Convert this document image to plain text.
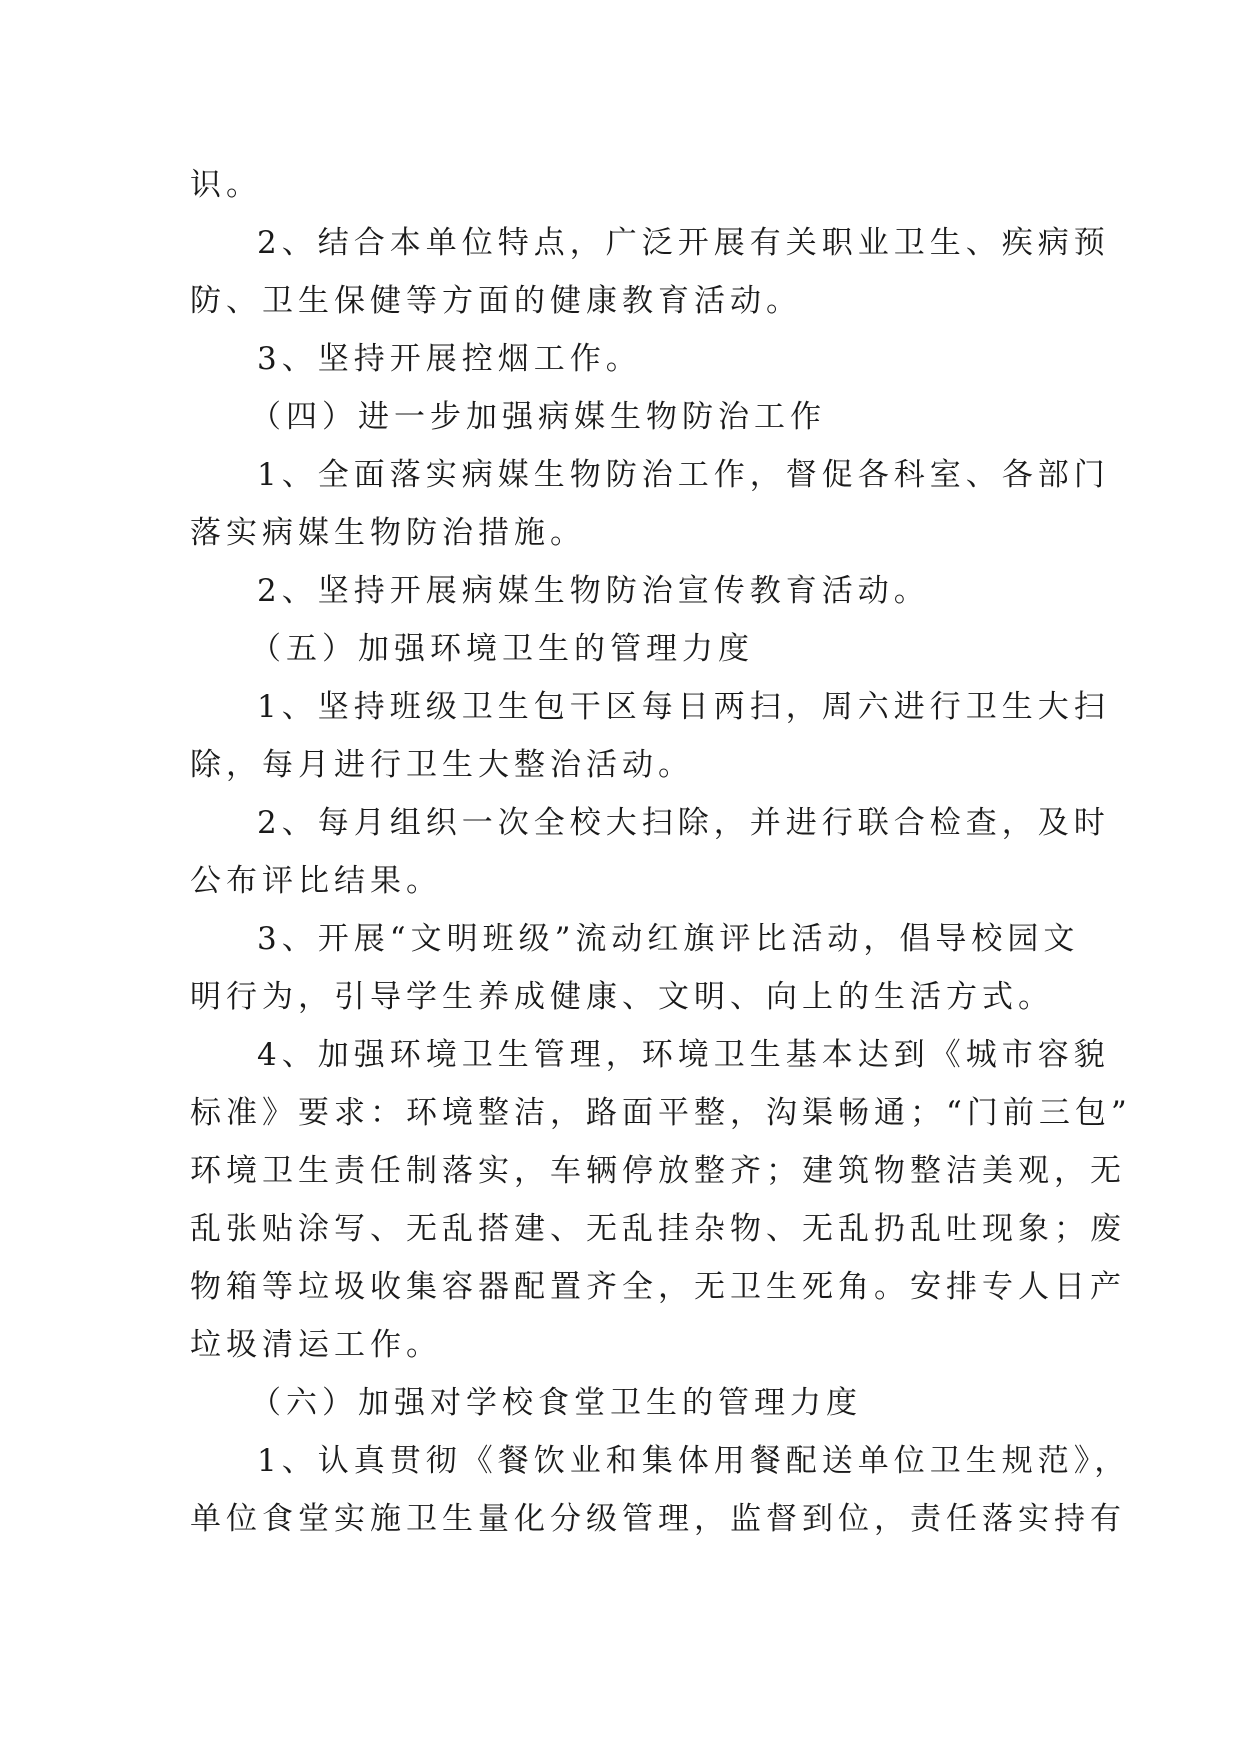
识。
2、结合本单位特点，广泛开展有关职业卫生、疾病预
防、卫生保健等方面的健康教育活动。
3、坚持开展控烟工作。
（四）进一步加强病媒生物防治工作
1、全面落实病媒生物防治工作，督促各科室、各部门
落实病媒生物防治措施。
2、坚持开展病媒生物防治宣传教育活动。
（五）加强环境卫生的管理力度
1、坚持班级卫生包干区每日两扫，周六进行卫生大扫
除，每月进行卫生大整治活动。
2、每月组织一次全校大扫除，并进行联合检查，及时
公布评比结果。
3、开展“文明班级”流动红旗评比活动，倡导校园文
明行为，引导学生养成健康、文明、向上的生活方式。
4、加强环境卫生管理，环境卫生基本达到《城市容貌
标准》要求：环境整洁，路面平整，沟渠畅通；“门前三包”
环境卫生责任制落实，车辆停放整齐；建筑物整洁美观，无
乱张贴涂写、无乱搭建、无乱挂杂物、无乱扔乱吐现象；废
物箱等垃圾收集容器配置齐全，无卫生死角。安排专人日产
垃圾清运工作。
（六）加强对学校食堂卫生的管理力度
1、认真贯彻《餐饮业和集体用餐配送单位卫生规范》，
单位食堂实施卫生量化分级管理，监督到位，责任落实持有
